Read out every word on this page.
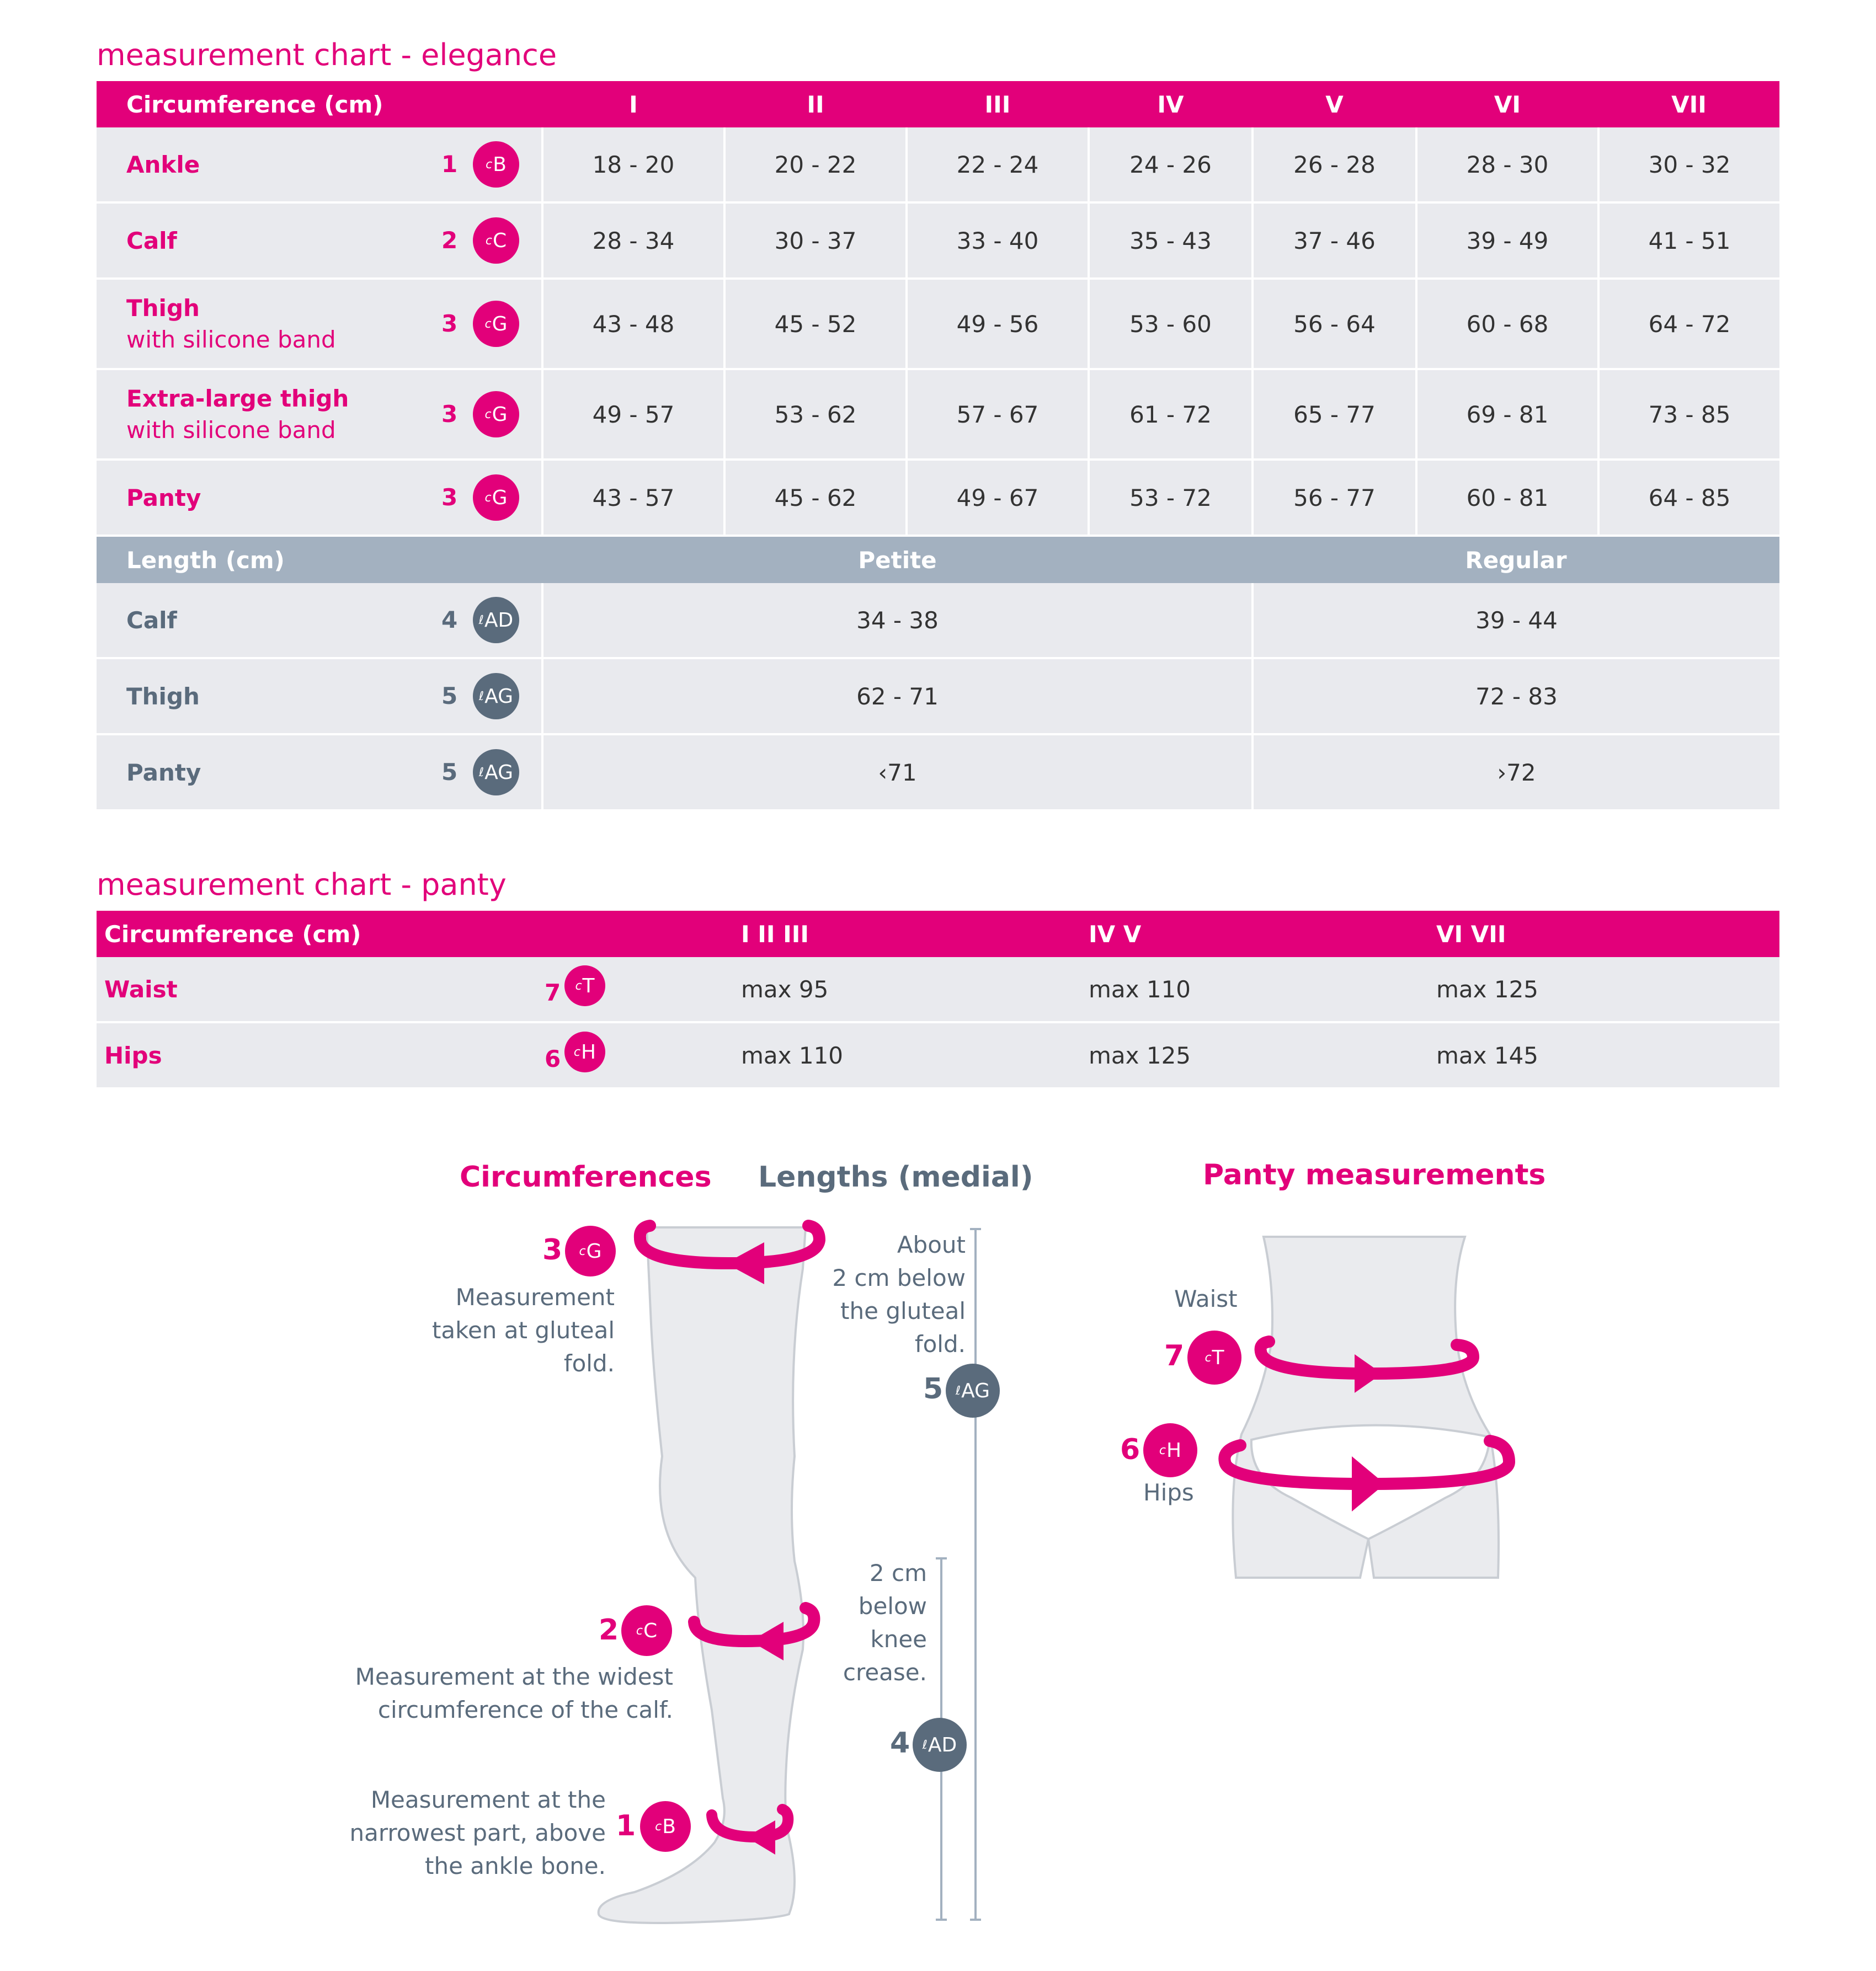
measurement chart - elegance
Circumference (cm)	I	II	III	IV	V	VI	VII
Ankle 1 c B	18 - 20	20 - 22	22 - 24	24 - 26	26 - 28	28 - 30	30 - 32
Calf 2 c C	28 - 34	30 - 37	33 - 40	35 - 43	37 - 46	39 - 49	41 - 51
Thigh
with silicone band
3 c G	43 - 48	45 - 52	49 - 56	53 - 60	56 - 64	60 - 68	64 - 72
Extra-large thigh
with silicone band
3 c G	49 - 57	53 - 62	57 - 67	61 - 72	65 - 77	69 - 81	73 - 85
Panty 3 c G	43 - 57	45 - 62	49 - 67	53 - 72	56 - 77	60 - 81	64 - 85
Length (cm)	Petite				Regular		
Calf 4 ℓ AD	34 - 38				39 - 44		
Thigh 5 ℓ AG	62 - 71				72 - 83		
Panty 5 ℓ AG	‹71				›72		
measurement chart - panty
Circumference (cm)	I II III	IV V	VI VII
Waist 7 c T	max 95	max 110	max 125
Hips 6 c H	max 110	max 125	max 145
Circumferences Lengths (medial)	Panty measurements
3 c G
Measurement
taken at gluteal fold.
2 c C
Measurement at the widest
circumference of the calf.
1 c B
Measurement at the
narrowest part, above
the ankle bone.
About
2 cm below
the gluteal
fold.
5 ℓ AG
2 cm
below
knee
crease.
4 ℓ AD
Waist
7 c T
6 c H
Hips
